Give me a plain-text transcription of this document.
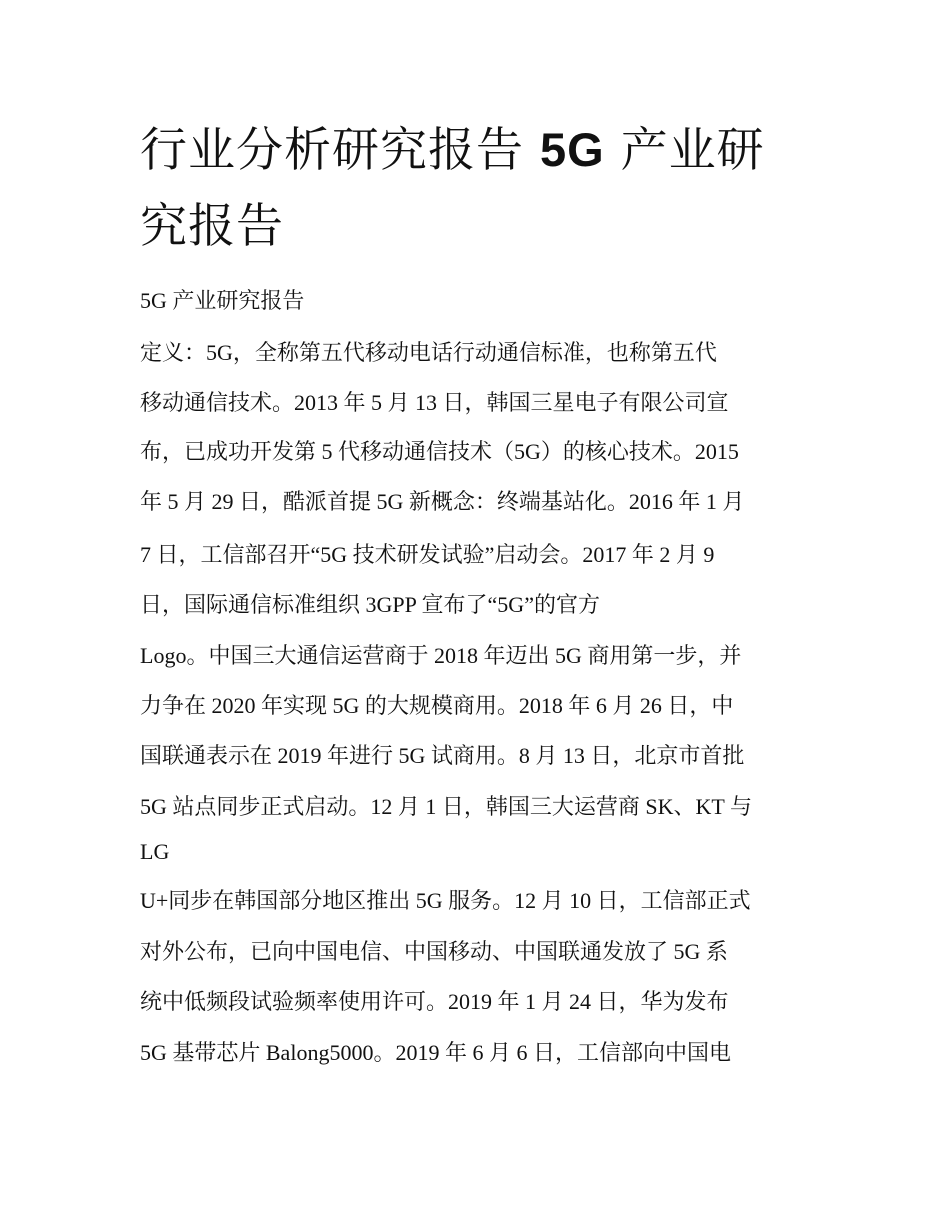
行业分析研究报告 5G 产业研
究报告

5G 产业研究报告

定义：5G，全称第五代移动电话行动通信标准，也称第五代

移动通信技术。2013 年 5 月 13 日，韩国三星电子有限公司宣

布，已成功开发第 5 代移动通信技术（5G）的核心技术。2015

年 5 月 29 日，酷派首提 5G 新概念：终端基站化。2016 年 1 月

7 日，工信部召开“5G 技术研发试验”启动会。2017 年 2 月 9

日，国际通信标准组织 3GPP 宣布了“5G”的官方

Logo。中国三大通信运营商于 2018 年迈出 5G 商用第一步，并

力争在 2020 年实现 5G 的大规模商用。2018 年 6 月 26 日，中

国联通表示在 2019 年进行 5G 试商用。8 月 13 日，北京市首批

5G 站点同步正式启动。12 月 1 日，韩国三大运营商 SK、KT 与

LG

U+同步在韩国部分地区推出 5G 服务。12 月 10 日，工信部正式

对外公布，已向中国电信、中国移动、中国联通发放了 5G 系

统中低频段试验频率使用许可。2019 年 1 月 24 日，华为发布

5G 基带芯片 Balong5000。2019 年 6 月 6 日，工信部向中国电
